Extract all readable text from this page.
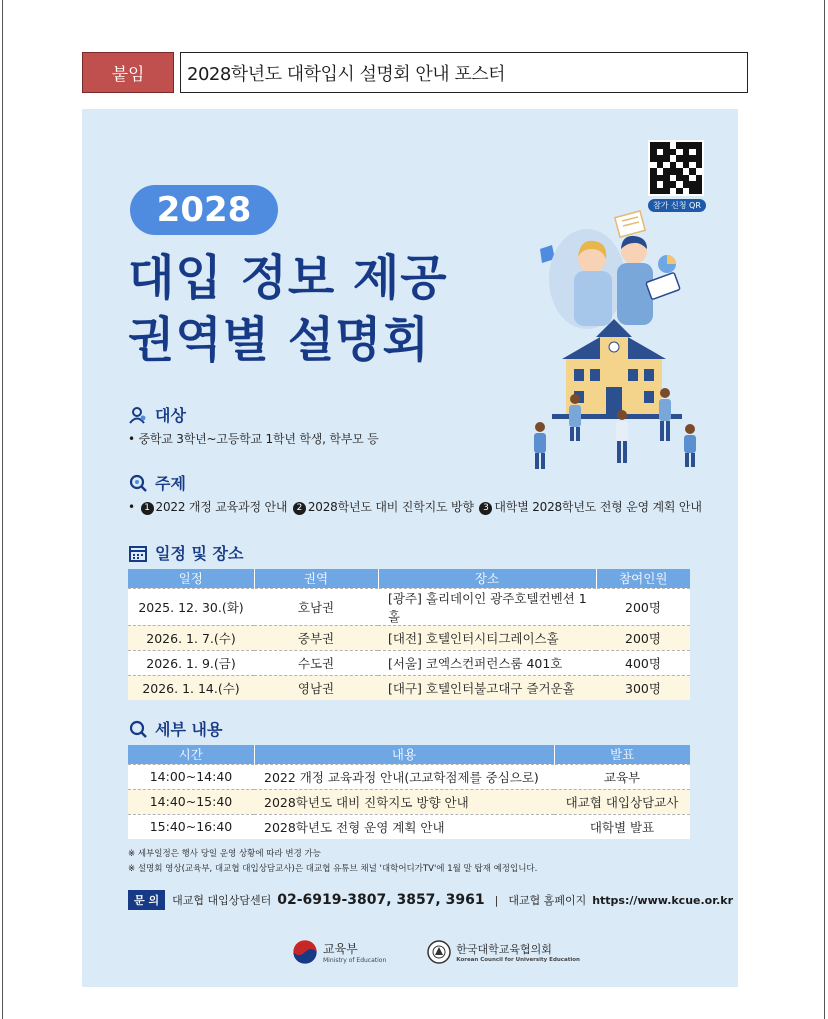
붙임	2028학년도 대학입시 설명회 안내 포스터
참가 신청 QR
2028
대입 정보 제공
권역별 설명회
대상
• 중학교 3학년~고등학교 1학년 학생, 학부모 등
주제
• 1 2022 개정 교육과정 안내 2 2028학년도 대비 진학지도 방향 3 대학별 2028학년도 전형 운영 계획 안내
일정 및 장소
일정	권역	장소	참여인원
2025. 12. 30.(화)	호남권	[광주] 홀리데이인 광주호텔컨벤션 1홀	200명
2026. 1. 7.(수)	중부권	[대전] 호텔인터시티그레이스홀	200명
2026. 1. 9.(금)	수도권	[서울] 코엑스컨퍼런스룸 401호	400명
2026. 1. 14.(수)	영남권	[대구] 호텔인터불고대구 즐거운홀	300명
세부 내용
시간	내용	발표
14:00~14:40	2022 개정 교육과정 안내(고교학점제를 중심으로)	교육부
14:40~15:40	2028학년도 대비 진학지도 방향 안내	대교협 대입상담교사
15:40~16:40	2028학년도 전형 운영 계획 안내	대학별 발표
※ 세부일정은 행사 당일 운영 상황에 따라 변경 가능
※ 설명회 영상(교육부, 대교협 대입상담교사)은 대교협 유튜브 채널 '대학어디가TV'에 1월 말 탑재 예정입니다.
문 의	대교협 대입상담센터 02-6919-3807, 3857, 3961 | 대교협 홈페이지 https://www.kcue.or.kr
교육부
Ministry of Education
한국대학교육협의회
Korean Council for University Education
